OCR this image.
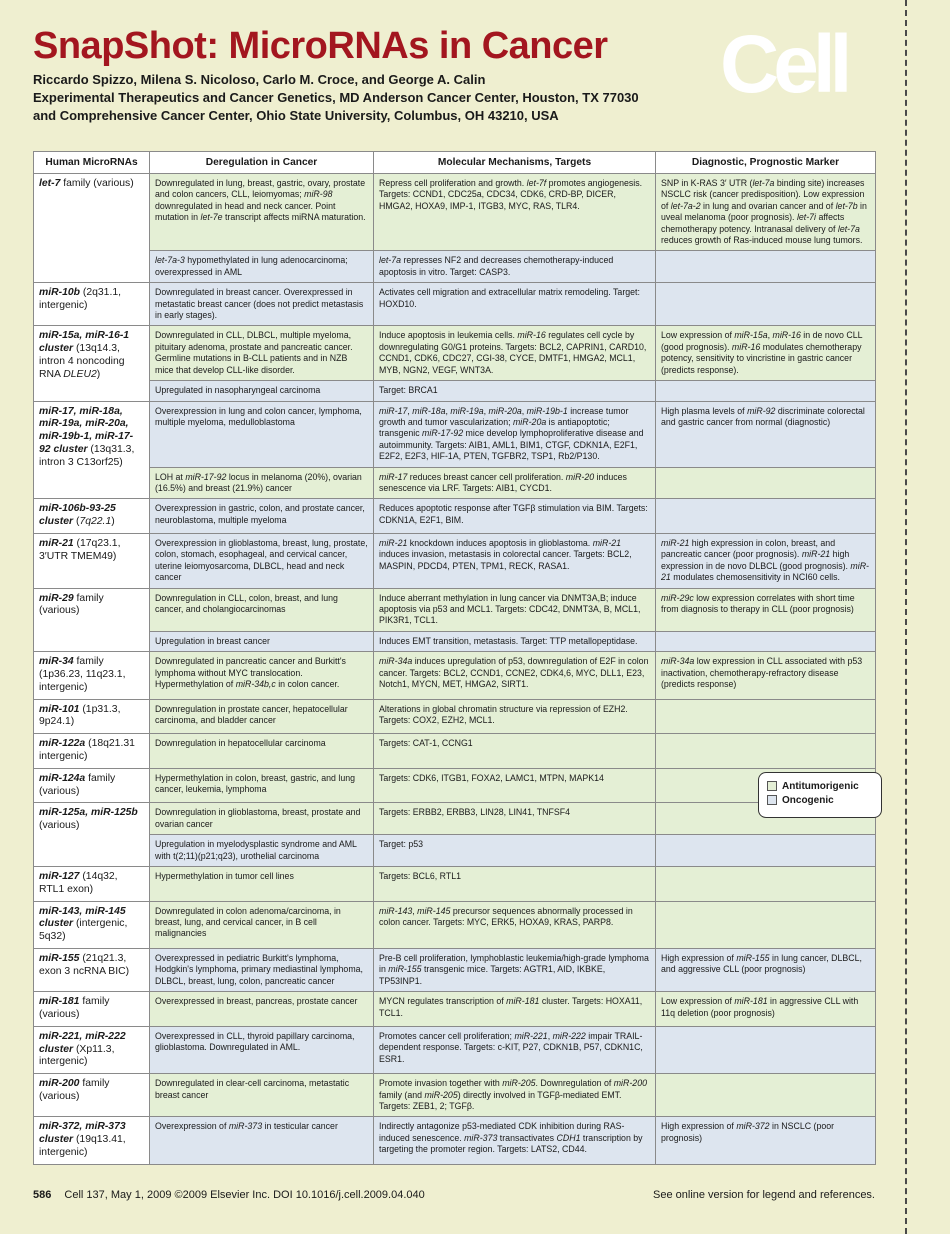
SnapShot: MicroRNAs in Cancer
Riccardo Spizzo, Milena S. Nicoloso, Carlo M. Croce, and George A. Calin
Experimental Therapeutics and Cancer Genetics, MD Anderson Cancer Center, Houston, TX 77030
and Comprehensive Cancer Center, Ohio State University, Columbus, OH 43210, USA
Cell
Human MicroRNAs	Deregulation in Cancer	Molecular Mechanisms, Targets	Diagnostic, Prognostic Marker
let-7 family (various)	Downregulated in lung, breast, gastric, ovary, prostate and colon cancers, CLL, leiomyomas; miR-98 downregulated in head and neck cancer. Point mutation in let-7e transcript affects miRNA maturation.	Repress cell proliferation and growth. let-7f promotes angiogenesis. Targets: CCND1, CDC25a, CDC34, CDK6, CRD-BP, DICER, HMGA2, HOXA9, IMP-1, ITGB3, MYC, RAS, TLR4.	SNP in K-RAS 3′ UTR (let-7a binding site) increases NSCLC risk (cancer predisposition). Low expression of let-7a-2 in lung and ovarian cancer and of let-7b in uveal melanoma (poor prognosis). let-7i affects chemotherapy potency. Intranasal delivery of let-7a reduces growth of Ras-induced mouse lung tumors.
	let-7a-3 hypomethylated in lung adenocarcinoma; overexpressed in AML	let-7a represses NF2 and decreases chemotherapy-induced apoptosis in vitro. Target: CASP3.	
miR-10b (2q31.1, intergenic)	Downregulated in breast cancer. Overexpressed in metastatic breast cancer (does not predict metastasis in early stages).	Activates cell migration and extracellular matrix remodeling. Target: HOXD10.	
miR-15a, miR-16-1 cluster (13q14.3, intron 4 noncoding RNA DLEU2)	Downregulated in CLL, DLBCL, multiple myeloma, pituitary adenoma, prostate and pancreatic cancer. Germline mutations in B-CLL patients and in NZB mice that develop CLL-like disorder.	Induce apoptosis in leukemia cells. miR-16 regulates cell cycle by downregulating G0/G1 proteins. Targets: BCL2, CAPRIN1, CARD10, CCND1, CDK6, CDC27, CGI-38, CYCE, DMTF1, HMGA2, MCL1, MYB, NGN2, VEGF, WNT3A.	Low expression of miR-15a, miR-16 in de novo CLL (good prognosis). miR-16 modulates chemotherapy potency, sensitivity to vincristine in gastric cancer (predicts response).
	Upregulated in nasopharyngeal carcinoma	Target: BRCA1	
miR-17, miR-18a, miR-19a, miR-20a, miR-19b-1, miR-17-92 cluster (13q31.3, intron 3 C13orf25)	Overexpression in lung and colon cancer, lymphoma, multiple myeloma, medulloblastoma	miR-17, miR-18a, miR-19a, miR-20a, miR-19b-1 increase tumor growth and tumor vascularization; miR-20a is antiapoptotic; transgenic miR-17-92 mice develop lymphoproliferative disease and autoimmunity. Targets: AIB1, AML1, BIM1, CTGF, CDKN1A, E2F1, E2F2, E2F3, HIF-1A, PTEN, TGFBR2, TSP1, Rb2/P130.	High plasma levels of miR-92 discriminate colorectal and gastric cancer from normal (diagnostic)
	LOH at miR-17-92 locus in melanoma (20%), ovarian (16.5%) and breast (21.9%) cancer	miR-17 reduces breast cancer cell proliferation. miR-20 induces senescence via LRF. Targets: AIB1, CYCD1.	
miR-106b-93-25 cluster (7q22.1)	Overexpression in gastric, colon, and prostate cancer, neuroblastoma, multiple myeloma	Reduces apoptotic response after TGFβ stimulation via BIM. Targets: CDKN1A, E2F1, BIM.	
miR-21 (17q23.1, 3′UTR TMEM49)	Overexpression in glioblastoma, breast, lung, prostate, colon, stomach, esophageal, and cervical cancer, uterine leiomyosarcoma, DLBCL, head and neck cancer	miR-21 knockdown induces apoptosis in glioblastoma. miR-21 induces invasion, metastasis in colorectal cancer. Targets: BCL2, MASPIN, PDCD4, PTEN, TPM1, RECK, RASA1.	miR-21 high expression in colon, breast, and pancreatic cancer (poor prognosis). miR-21 high expression in de novo DLBCL (good prognosis). miR-21 modulates chemosensitivity in NCI60 cells.
miR-29 family (various)	Downregulation in CLL, colon, breast, and lung cancer, and cholangiocarcinomas	Induce aberrant methylation in lung cancer via DNMT3A,B; induce apoptosis via p53 and MCL1. Targets: CDC42, DNMT3A, B, MCL1, PIK3R1, TCL1.	miR-29c low expression correlates with short time from diagnosis to therapy in CLL (poor prognosis)
	Upregulation in breast cancer	Induces EMT transition, metastasis. Target: TTP metallopeptidase.	
miR-34 family (1p36.23, 11q23.1, intergenic)	Downregulated in pancreatic cancer and Burkitt's lymphoma without MYC translocation. Hypermethylation of miR-34b,c in colon cancer.	miR-34a induces upregulation of p53, downregulation of E2F in colon cancer. Targets: BCL2, CCND1, CCNE2, CDK4,6, MYC, DLL1, E23, Notch1, MYCN, MET, HMGA2, SIRT1.	miR-34a low expression in CLL associated with p53 inactivation, chemotherapy-refractory disease (predicts response)
miR-101 (1p31.3, 9p24.1)	Downregulation in prostate cancer, hepatocellular carcinoma, and bladder cancer	Alterations in global chromatin structure via repression of EZH2. Targets: COX2, EZH2, MCL1.	
miR-122a (18q21.31 intergenic)	Downregulation in hepatocellular carcinoma	Targets: CAT-1, CCNG1	
miR-124a family (various)	Hypermethylation in colon, breast, gastric, and lung cancer, leukemia, lymphoma	Targets: CDK6, ITGB1, FOXA2, LAMC1, MTPN, MAPK14	
miR-125a, miR-125b (various)	Downregulation in glioblastoma, breast, prostate and ovarian cancer	Targets: ERBB2, ERBB3, LIN28, LIN41, TNFSF4	
	Upregulation in myelodysplastic syndrome and AML with t(2;11)(p21;q23), urothelial carcinoma	Target: p53	
miR-127 (14q32, RTL1 exon)	Hypermethylation in tumor cell lines	Targets: BCL6, RTL1	
miR-143, miR-145 cluster (intergenic, 5q32)	Downregulated in colon adenoma/carcinoma, in breast, lung, and cervical cancer, in B cell malignancies	miR-143, miR-145 precursor sequences abnormally processed in colon cancer. Targets: MYC, ERK5, HOXA9, KRAS, PARP8.	
miR-155 (21q21.3, exon 3 ncRNA BIC)	Overexpressed in pediatric Burkitt's lymphoma, Hodgkin's lymphoma, primary mediastinal lymphoma, DLBCL, breast, lung, colon, pancreatic cancer	Pre-B cell proliferation, lymphoblastic leukemia/high-grade lymphoma in miR-155 transgenic mice. Targets: AGTR1, AID, IKBKE, TP53INP1.	High expression of miR-155 in lung cancer, DLBCL, and aggressive CLL (poor prognosis)
miR-181 family (various)	Overexpressed in breast, pancreas, prostate cancer	MYCN regulates transcription of miR-181 cluster. Targets: HOXA11, TCL1.	Low expression of miR-181 in aggressive CLL with 11q deletion (poor prognosis)
miR-221, miR-222 cluster (Xp11.3, intergenic)	Overexpressed in CLL, thyroid papillary carcinoma, glioblastoma. Downregulated in AML.	Promotes cancer cell proliferation; miR-221, miR-222 impair TRAIL-dependent response. Targets: c-KIT, P27, CDKN1B, P57, CDKN1C, ESR1.	
miR-200 family (various)	Downregulated in clear-cell carcinoma, metastatic breast cancer	Promote invasion together with miR-205. Downregulation of miR-200 family (and miR-205) directly involved in TGFβ-mediated EMT. Targets: ZEB1, 2; TGFβ.	
miR-372, miR-373 cluster (19q13.41, intergenic)	Overexpression of miR-373 in testicular cancer	Indirectly antagonize p53-mediated CDK inhibition during RAS-induced senescence. miR-373 transactivates CDH1 transcription by targeting the promoter region. Targets: LATS2, CD44.	High expression of miR-372 in NSCLC (poor prognosis)
Antitumorigenic
Oncogenic
586 Cell 137, May 1, 2009 ©2009 Elsevier Inc. DOI 10.1016/j.cell.2009.04.040	See online version for legend and references.
